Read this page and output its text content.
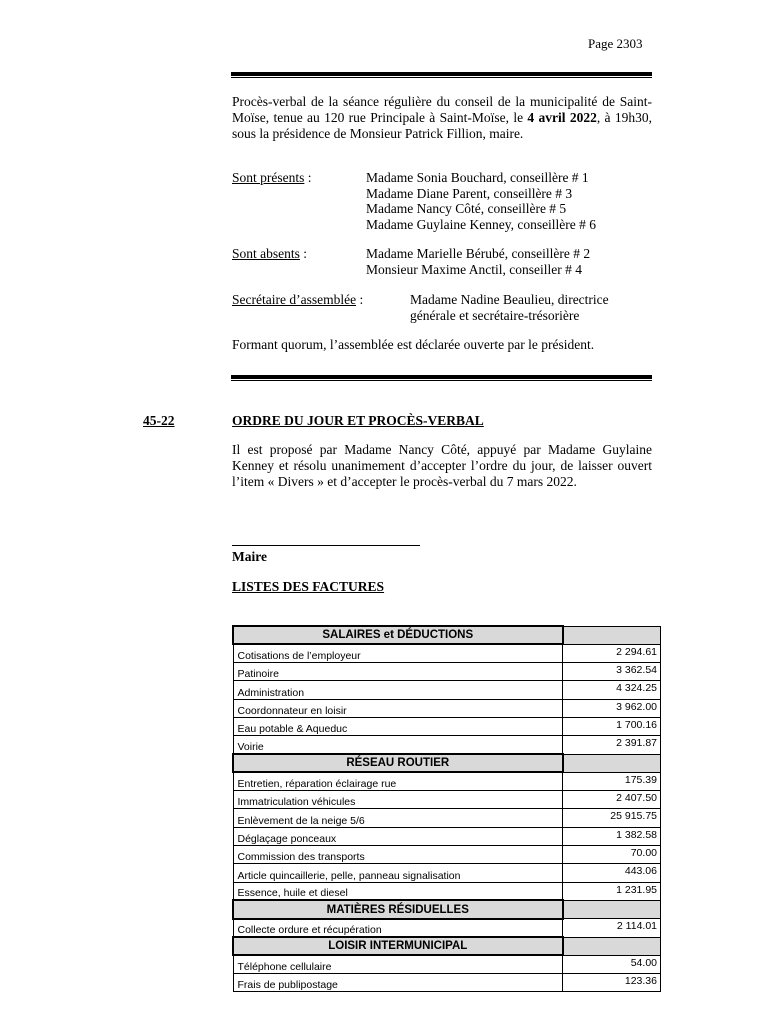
Page 2303
Procès-verbal de la séance régulière du conseil de la municipalité de Saint-Moïse, tenue au 120 rue Principale à Saint-Moïse, le 4 avril 2022, à 19h30, sous la présidence de Monsieur Patrick Fillion, maire.
Sont présents :	Madame Sonia Bouchard, conseillère # 1
Madame Diane Parent, conseillère # 3
Madame Nancy Côté, conseillère # 5
Madame Guylaine Kenney, conseillère # 6
Sont absents :	Madame Marielle Bérubé, conseillère # 2
Monsieur Maxime Anctil, conseiller # 4
Secrétaire d’assemblée :	Madame Nadine Beaulieu, directrice générale et secrétaire-trésorière
Formant quorum, l’assemblée est déclarée ouverte par le président.
45-22	ORDRE DU JOUR ET PROCÈS-VERBAL
Il est proposé par Madame Nancy Côté, appuyé par Madame Guylaine Kenney et résolu unanimement d’accepter l’ordre du jour, de laisser ouvert l’item « Divers » et d’accepter le procès-verbal du 7 mars 2022.
Maire
LISTES DES FACTURES
SALAIRES et DÉDUCTIONS	
Cotisations de l’employeur	2 294.61
Patinoire	3 362.54
Administration	4 324.25
Coordonnateur en loisir	3 962.00
Eau potable & Aqueduc	1 700.16
Voirie	2 391.87
RÉSEAU ROUTIER	
Entretien, réparation éclairage rue	175.39
Immatriculation véhicules	2 407.50
Enlèvement de la neige 5/6	25 915.75
Déglaçage ponceaux	1 382.58
Commission des transports	70.00
Article quincaillerie, pelle, panneau signalisation	443.06
Essence, huile et diesel	1 231.95
MATIÈRES RÉSIDUELLES	
Collecte ordure et récupération	2 114.01
LOISIR INTERMUNICIPAL	
Téléphone cellulaire	54.00
Frais de publipostage	123.36
